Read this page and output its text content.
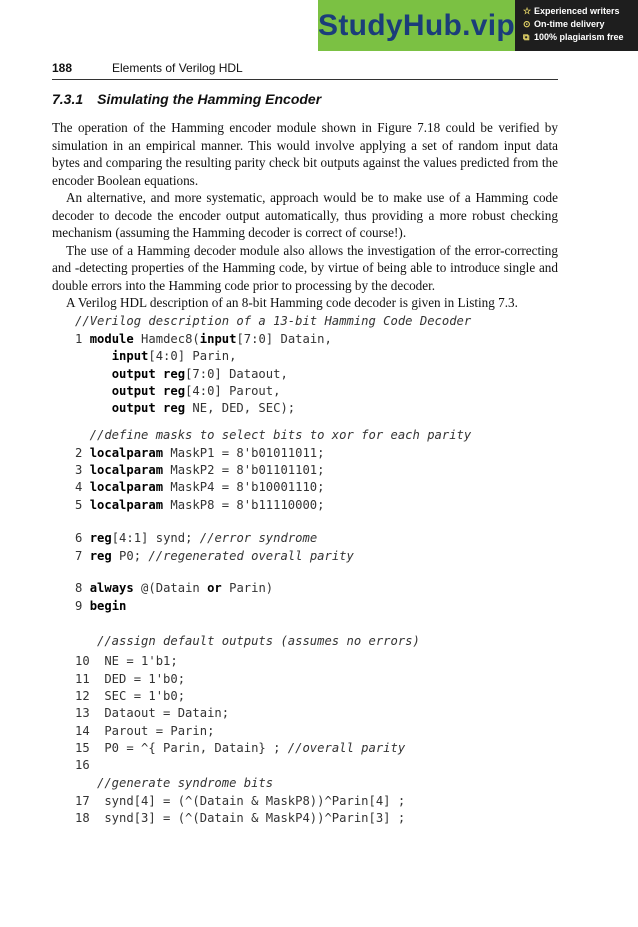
StudyHub.vip ☆ Experienced writers
⊙ On-time delivery
⧉ 100% plagiarism free
188	Elements of Verilog HDL
7.3.1 Simulating the Hamming Encoder

The operation of the Hamming encoder module shown in Figure 7.18 could be verified by simulation in an empirical manner. This would involve applying a set of random input data bytes and comparing the resulting parity check bit outputs against the values predicted from the encoder Boolean equations.

An alternative, and more systematic, approach would be to make use of a Hamming code decoder to decode the encoder output automatically, thus providing a more robust checking mechanism (assuming the Hamming decoder is correct of course!).

The use of a Hamming decoder module also allows the investigation of the error-correcting and -detecting properties of the Hamming code, by virtue of being able to introduce single and double errors into the Hamming code prior to processing by the decoder.

A Verilog HDL description of an 8-bit Hamming code decoder is given in Listing 7.3.

//Verilog description of a 13-bit Hamming Code Decoder
1 module Hamdec8(input[7:0] Datain,
input[4:0] Parin,
output reg[7:0] Dataout,
output reg[4:0] Parout,
output reg NE, DED, SEC);
//define masks to select bits to xor for each parity
2 localparam MaskP1 = 8'b01011011;
3 localparam MaskP2 = 8'b01101101;
4 localparam MaskP4 = 8'b10001110;
5 localparam MaskP8 = 8'b11110000;
6 reg[4:1] synd; //error syndrome
7 reg P0; //regenerated overall parity
8 always @(Datain or Parin)
9 begin
//assign default outputs (assumes no errors)
10  NE = 1'b1;
11  DED = 1'b0;
12  SEC = 1'b0;
13  Dataout = Datain;
14  Parout = Parin;
15  P0 = ^{ Parin, Datain} ; //overall parity
16
//generate syndrome bits
17  synd[4] = (^(Datain & MaskP8))^Parin[4] ;
18  synd[3] = (^(Datain & MaskP4))^Parin[3] ;
